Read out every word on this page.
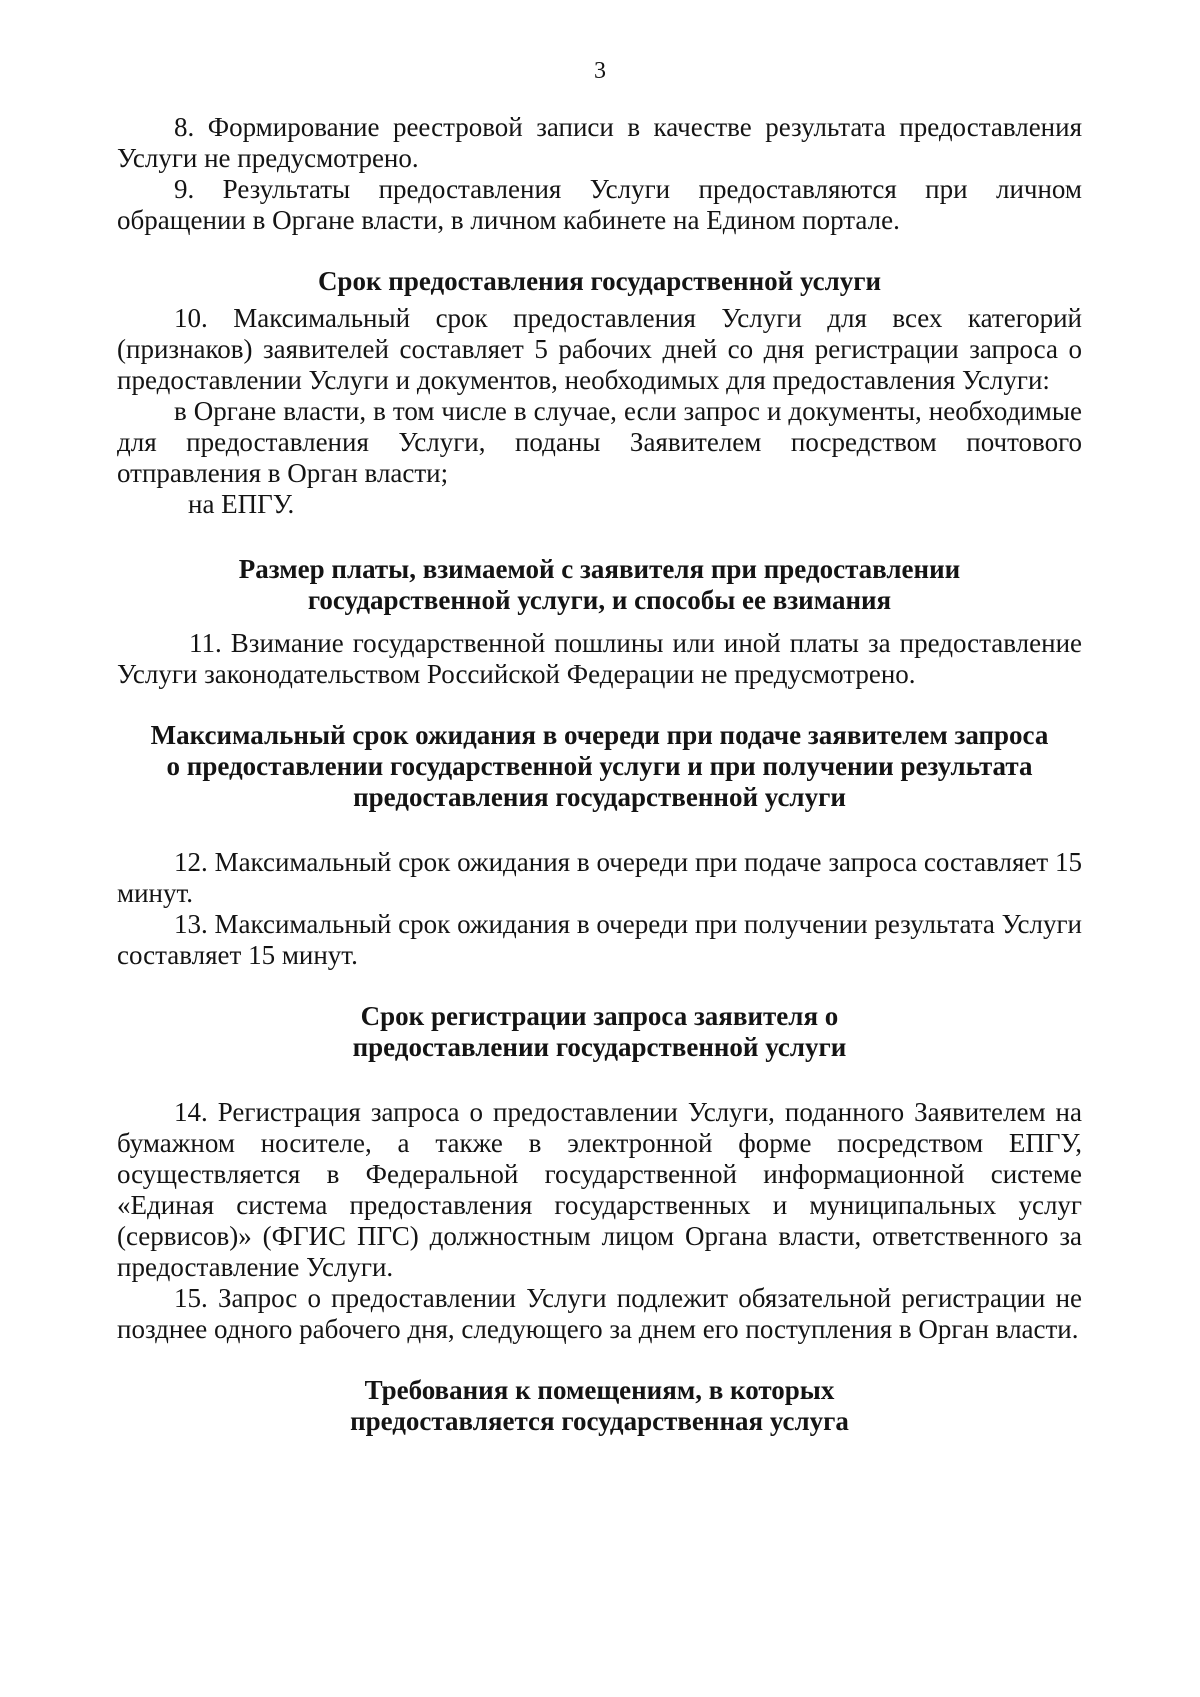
3

8. Формирование реестровой записи в качестве результата предоставления Услуги не предусмотрено.

9. Результаты предоставления Услуги предоставляются при личном обращении в Органе власти, в личном кабинете на Едином портале.

Срок предоставления государственной услуги

10. Максимальный срок предоставления Услуги для всех категорий (признаков) заявителей составляет 5 рабочих дней со дня регистрации запроса о предоставлении Услуги и документов, необходимых для предоставления Услуги:

в Органе власти, в том числе в случае, если запрос и документы, необходимые для предоставления Услуги, поданы Заявителем посредством почтового отправления в Орган власти;

на ЕПГУ.

Размер платы, взимаемой с заявителя при предоставлении

государственной услуги, и способы ее взимания

11. Взимание государственной пошлины или иной платы за предоставление Услуги законодательством Российской Федерации не предусмотрено.

Максимальный срок ожидания в очереди при подаче заявителем запроса

о предоставлении государственной услуги и при получении результата

предоставления государственной услуги

12. Максимальный срок ожидания в очереди при подаче запроса составляет 15 минут.

13. Максимальный срок ожидания в очереди при получении результата Услуги составляет 15 минут.

Срок регистрации запроса заявителя о

предоставлении государственной услуги

14. Регистрация запроса о предоставлении Услуги, поданного Заявителем на бумажном носителе, а также в электронной форме посредством ЕПГУ, осуществляется в Федеральной государственной информационной системе «Единая система предоставления государственных и муниципальных услуг (сервисов)» (ФГИС ПГС) должностным лицом Органа власти, ответственного за предоставление Услуги.

15. Запрос о предоставлении Услуги подлежит обязательной регистрации не позднее одного рабочего дня, следующего за днем его поступления в Орган власти.

Требования к помещениям, в которых

предоставляется государственная услуга
